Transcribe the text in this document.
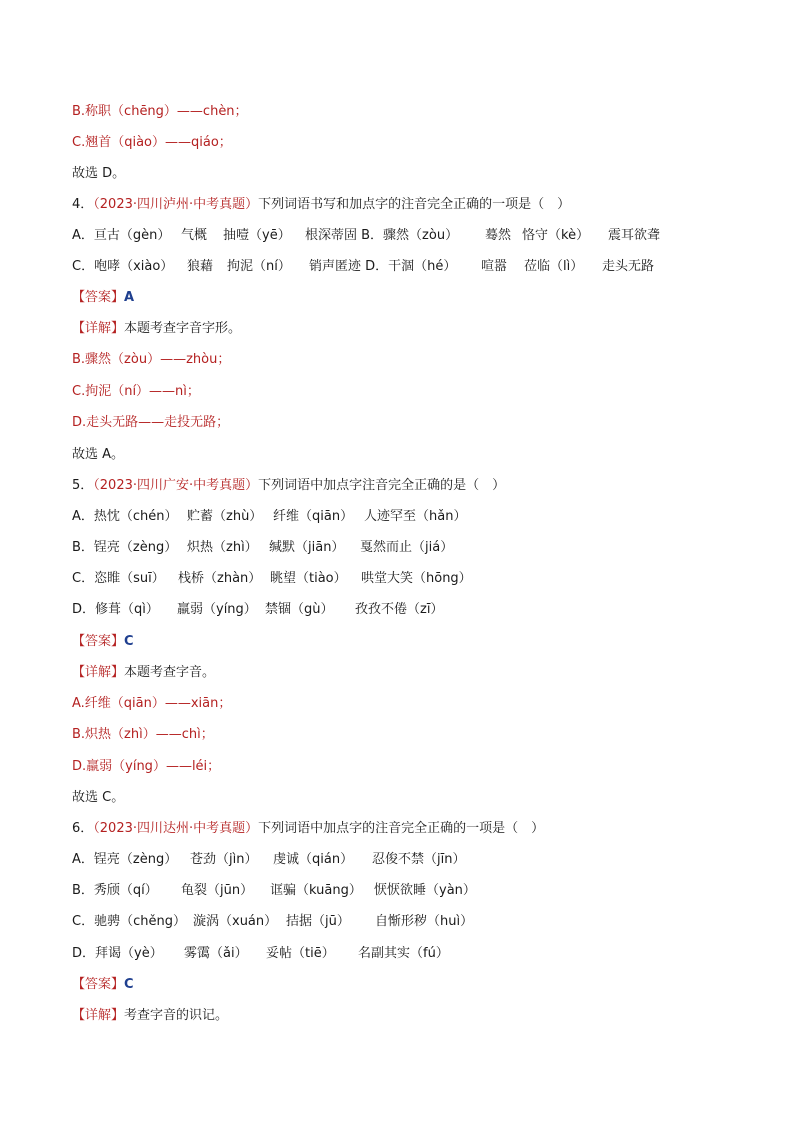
B.称职（chēng）——chèn；
C.翘首（qiào）——qiáo；
故选 D。
4．（2023·四川泸州·中考真题）下列词语书写和加点字的注音完全正确的一项是（　）
A．亘古（gèn） 气概 抽噎（yē） 根深蒂固 B．骤然（zòu） 蓦然 恪守（kè） 震耳欲聋
C．咆哮（xiào） 狼藉 拘泥（ní） 销声匿迹 D．干涸（hé） 喧嚣 莅临（lì） 走头无路
【答案】A
【详解】本题考查字音字形。
B.骤然（zòu）——zhòu；
C.拘泥（ní）——nì；
D.走头无路——走投无路；
故选 A。
5．（2023·四川广安·中考真题）下列词语中加点字注音完全正确的是（　）
A．热忱（chén） 贮蓄（zhù） 纤维（qiān） 人迹罕至（hǎn）
B．锃亮（zèng） 炽热（zhì） 缄默（jiān） 戛然而止（jiá）
C．恣睢（suī） 栈桥（zhàn） 眺望（tiào） 哄堂大笑（hōng）
D．修葺（qì） 羸弱（yíng） 禁锢（gù） 孜孜不倦（zī）
【答案】C
【详解】本题考查字音。
A.纤维（qiān）——xiān；
B.炽热（zhì）——chì；
D.羸弱（yíng）——léi；
故选 C。
6．（2023·四川达州·中考真题）下列词语中加点字的注音完全正确的一项是（　）
A．锃亮（zèng） 苍劲（jìn） 虔诚（qián） 忍俊不禁（jīn）
B．秀颀（qí） 龟裂（jūn） 诓骗（kuāng） 恹恹欲睡（yàn）
C．驰骋（chěng） 漩涡（xuán） 拮据（jū） 自惭形秽（huì）
D．拜谒（yè） 雾霭（ǎi） 妥帖（tiē） 名副其实（fú）
【答案】C
【详解】考查字音的识记。
